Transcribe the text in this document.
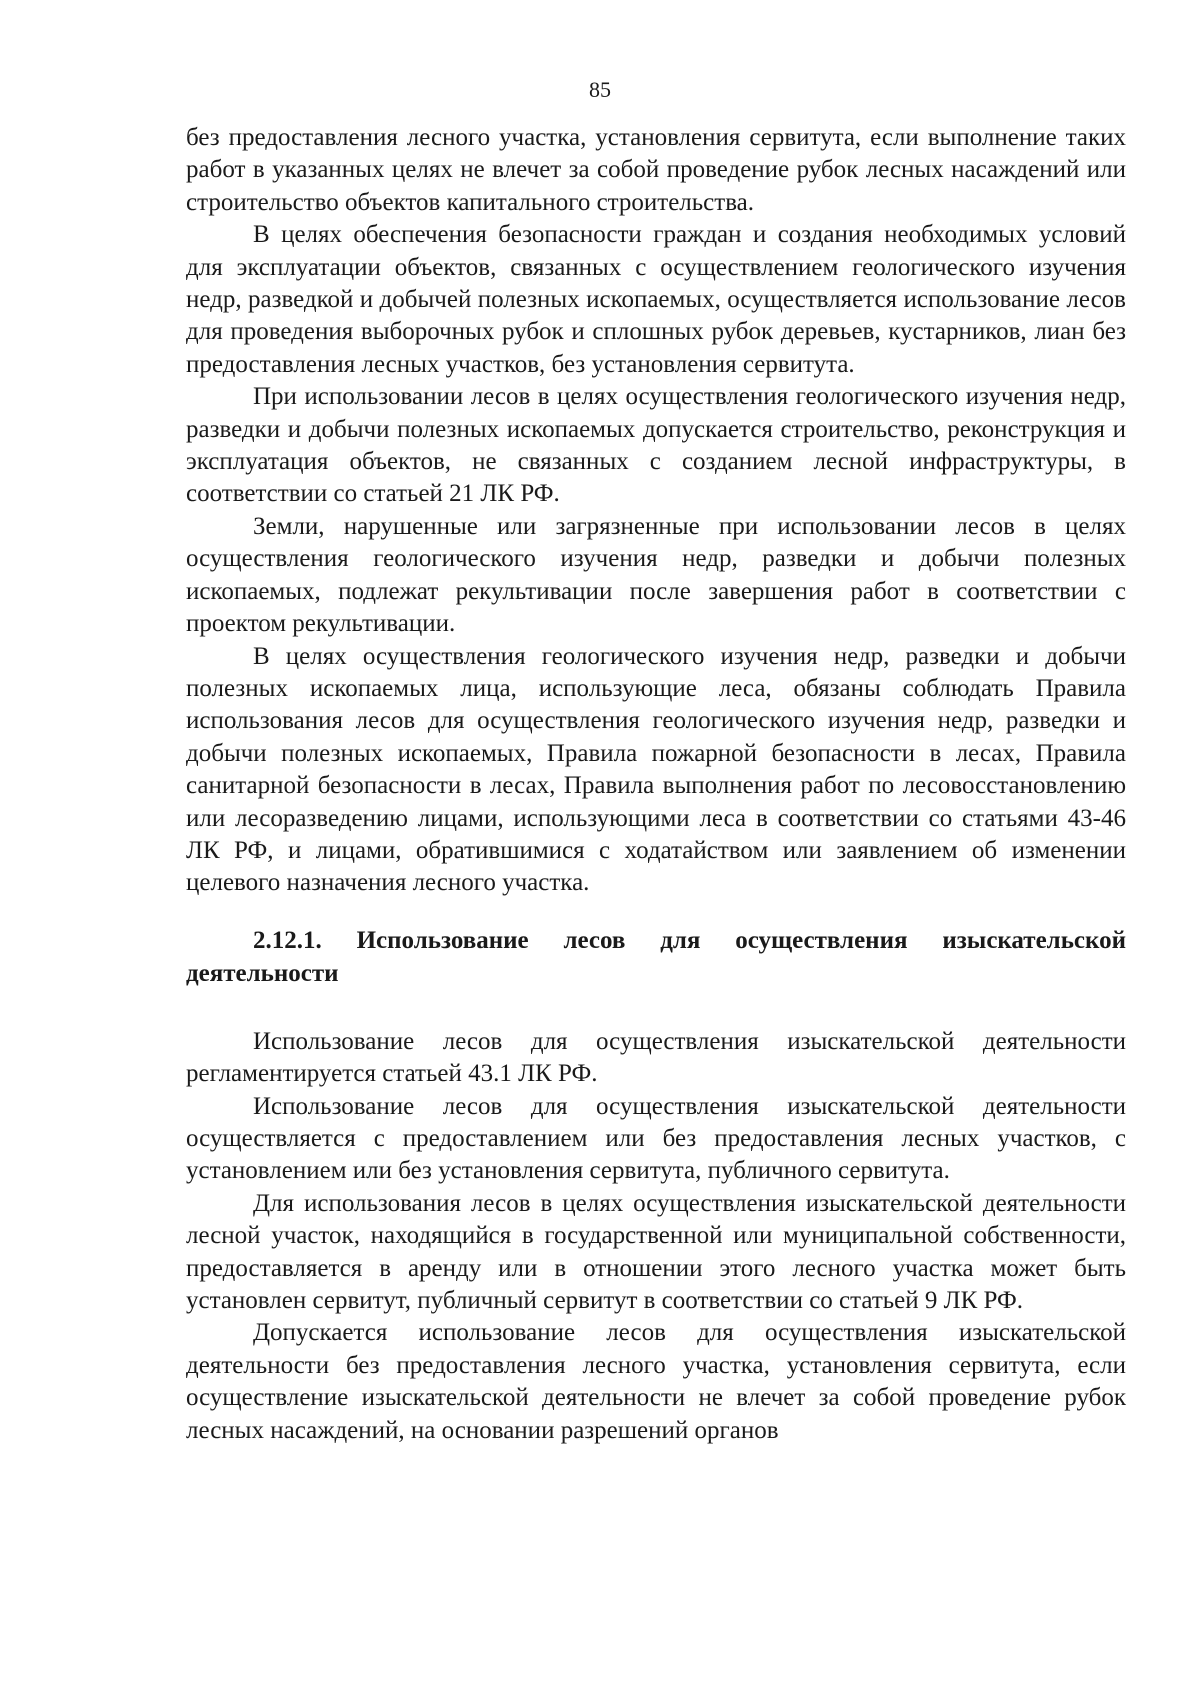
85

без предоставления лесного участка, установления сервитута, если выполнение таких работ в указанных целях не влечет за собой проведение рубок лесных насаждений или строительство объектов капитального строительства.

В целях обеспечения безопасности граждан и создания необходимых условий для эксплуатации объектов, связанных с осуществлением геологического изучения недр, разведкой и добычей полезных ископаемых, осуществляется использование лесов для проведения выборочных рубок и сплошных рубок деревьев, кустарников, лиан без предоставления лесных участков, без установления сервитута.

При использовании лесов в целях осуществления геологического изучения недр, разведки и добычи полезных ископаемых допускается строительство, реконструкция и эксплуатация объектов, не связанных с созданием лесной инфраструктуры, в соответствии со статьей 21 ЛК РФ.

Земли, нарушенные или загрязненные при использовании лесов в целях осуществления геологического изучения недр, разведки и добычи полезных ископаемых, подлежат рекультивации после завершения работ в соответствии с проектом рекультивации.

В целях осуществления геологического изучения недр, разведки и добычи полезных ископаемых лица, использующие леса, обязаны соблюдать Правила использования лесов для осуществления геологического изучения недр, разведки и добычи полезных ископаемых, Правила пожарной безопасности в лесах, Правила санитарной безопасности в лесах, Правила выполнения работ по лесовосстановлению или лесоразведению лицами, использующими леса в соответствии со статьями 43-46 ЛК РФ, и лицами, обратившимися с ходатайством или заявлением об изменении целевого назначения лесного участка.

2.12.1. Использование лесов для осуществления изыскательской деятельности

Использование лесов для осуществления изыскательской деятельности регламентируется статьей 43.1 ЛК РФ.

Использование лесов для осуществления изыскательской деятельности осуществляется с предоставлением или без предоставления лесных участков, с установлением или без установления сервитута, публичного сервитута.

Для использования лесов в целях осуществления изыскательской деятельности лесной участок, находящийся в государственной или муниципальной собственности, предоставляется в аренду или в отношении этого лесного участка может быть установлен сервитут, публичный сервитут в соответствии со статьей 9 ЛК РФ.

Допускается использование лесов для осуществления изыскательской деятельности без предоставления лесного участка, установления сервитута, если осуществление изыскательской деятельности не влечет за собой проведение рубок лесных насаждений, на основании разрешений органов
